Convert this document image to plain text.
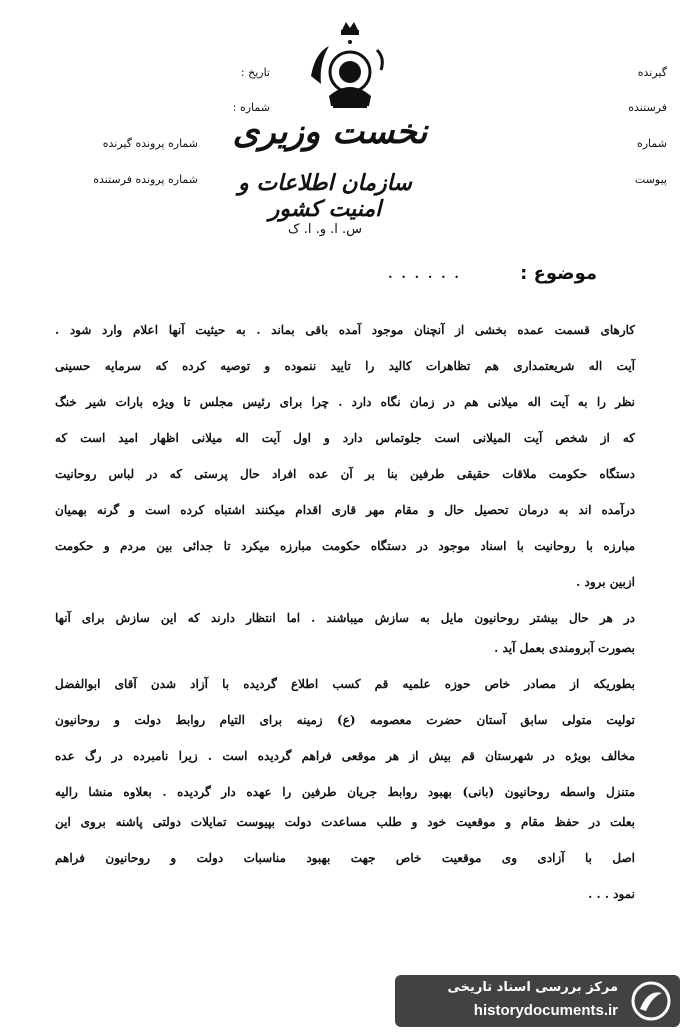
نخست وزیری
سازمان اطلاعات و امنیت کشور
س. ا. و. ا. ک
تاریخ :
شماره :
شماره پرونده گیرنده
شماره پرونده فرستنده
گیرنده
فرستنده
شماره
پیوست
موضوع :
• • • • • •
کارهای قسمت عمده بخشی از آنچنان موجود آمده باقی بماند . به حیثیت آنها اعلام وارد شود .
آیت اله شریعتمداری هم تظاهرات کالید را تایید ننموده و توصیه کرده که سرمایه حسینی
نظر را به آیت اله میلانی هم در زمان نگاه دارد . چرا برای رئیس مجلس تا ویژه بارات شیر خنگ
که از شخص آیت المیلانی است جلوتماس دارد و اول آیت اله میلانی اظهار امید است که
دستگاه حکومت ملاقات حقیقی طرفین بنا بر آن عده افراد حال پرستی که در لباس روحانیت
درآمده اند به درمان تحصیل حال و مقام مهر قاری اقدام میکنند اشتباه کرده است و گرنه بهمیان
مبارزه با روحانیت با اسناد موجود در دستگاه حکومت مبارزه میکرد تا جدائی بین مردم و حکومت
ازبین برود .
در هر حال بیشتر روحانیون مایل به سازش میباشند . اما انتظار دارند که این سازش برای آنها
بصورت آبرومندی بعمل آید .
بطوریکه از مصادر خاص حوزه علمیه قم کسب اطلاع گردیده با آزاد شدن آقای ابوالفضل
تولیت متولی سابق آستان حضرت معصومه (ع) زمینه برای التیام روابط دولت و روحانیون
مخالف بویژه در شهرستان قم بیش از هر موقعی فراهم گردیده است . زیرا نامبرده در رگ عده
متنزل واسطه روحانیون (بانی) بهبود روابط جریان طرفین را عهده دار گردیده . بعلاوه منشا رالیه
بعلت در حفظ مقام و موقعیت خود و طلب مساعدت دولت بپیوست تمایلات دولتی پاشنه بروی این
اصل با آزادی وی موقعیت خاص جهت بهبود مناسبات دولت و روحانیون فراهم
نمود . . .
مرکز بررسی اسناد تاریخی
historydocuments.ir
